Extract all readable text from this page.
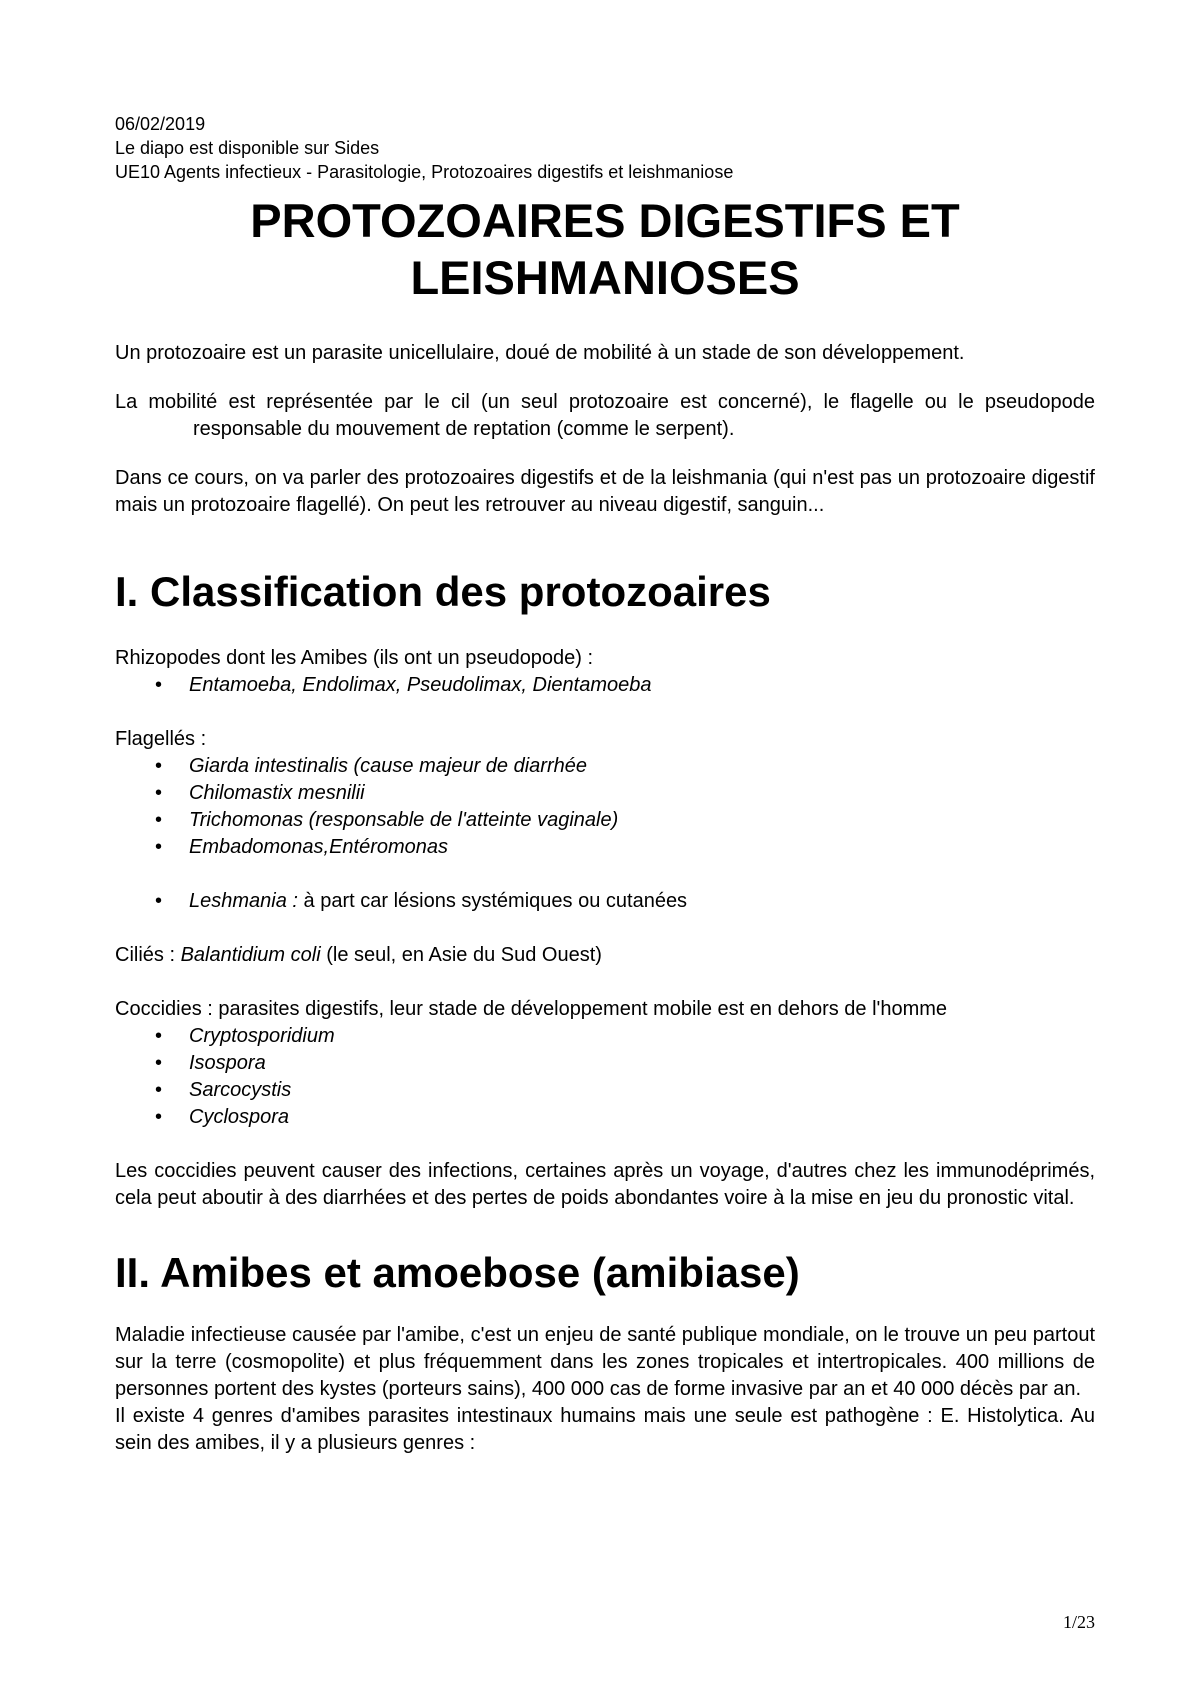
06/02/2019
Le diapo est disponible sur Sides
UE10 Agents infectieux - Parasitologie, Protozoaires digestifs et leishmaniose
PROTOZOAIRES DIGESTIFS ET
LEISHMANIOSES

Un protozoaire est un parasite unicellulaire, doué de mobilité à un stade de son développement.

La mobilité est représentée par le cil (un seul protozoaire est concerné), le flagelle ou le pseudopode responsable du mouvement de reptation (comme le serpent).

Dans ce cours, on va parler des protozoaires digestifs et de la leishmania (qui n'est pas un protozoaire digestif mais un protozoaire flagellé). On peut les retrouver au niveau digestif, sanguin...

I. Classification des protozoaires
Rhizopodes dont les Amibes (ils ont un pseudopode) :
• Entamoeba, Endolimax, Pseudolimax, Dientamoeba
Flagellés :
• Giarda intestinalis (cause majeur de diarrhée
• Chilomastix mesnilii
• Trichomonas (responsable de l'atteinte vaginale)
• Embadomonas,Entéromonas
• Leshmania : à part car lésions systémiques ou cutanées
Ciliés : Balantidium coli (le seul, en Asie du Sud Ouest)
Coccidies : parasites digestifs, leur stade de développement mobile est en dehors de l'homme
• Cryptosporidium
• Isospora
• Sarcocystis
• Cyclospora

Les coccidies peuvent causer des infections, certaines après un voyage, d'autres chez les immunodéprimés, cela peut aboutir à des diarrhées et des pertes de poids abondantes voire à la mise en jeu du pronostic vital.

II. Amibes et amoebose (amibiase)

Maladie infectieuse causée par l'amibe, c'est un enjeu de santé publique mondiale, on le trouve un peu partout sur la terre (cosmopolite) et plus fréquemment dans les zones tropicales et intertropicales. 400 millions de personnes portent des kystes (porteurs sains), 400 000 cas de forme invasive par an et 40 000 décès par an.

Il existe 4 genres d'amibes parasites intestinaux humains mais une seule est pathogène : E. Histolytica. Au sein des amibes, il y a plusieurs genres :

1/23
